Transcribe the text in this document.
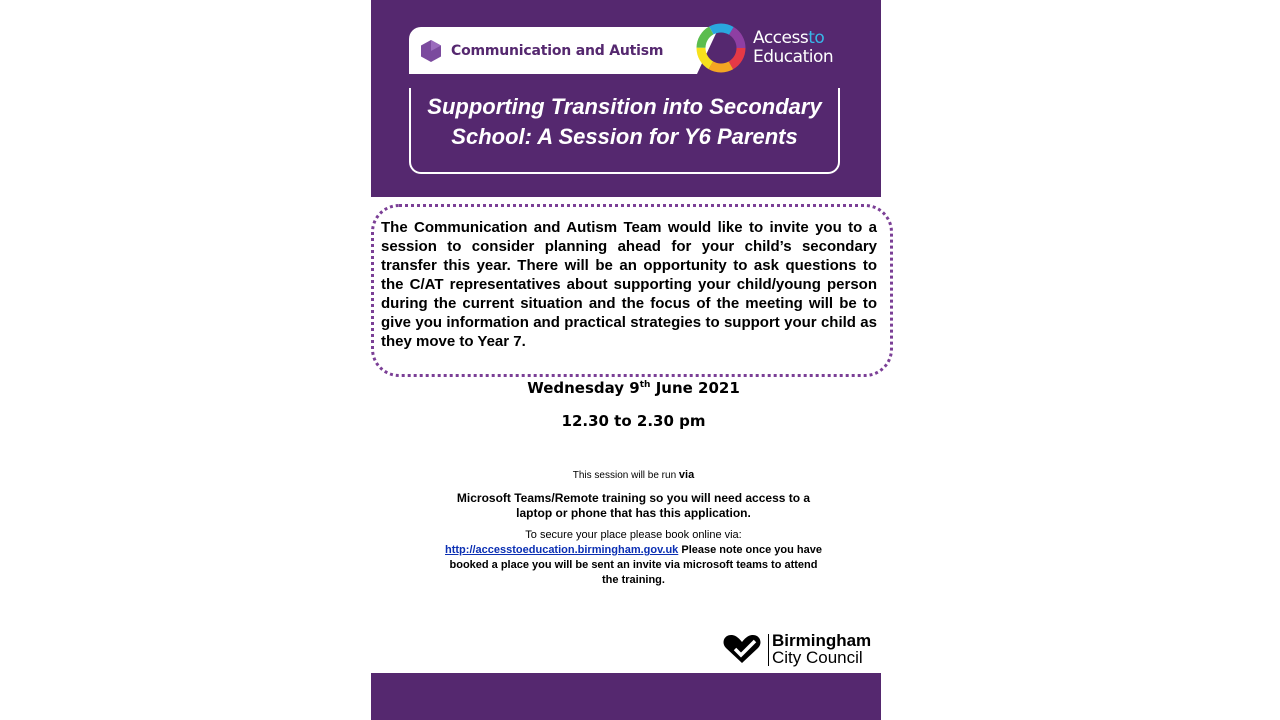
Communication and Autism
Accessto
Education
Supporting Transition into Secondary School: A Session for Y6 Parents
The Communication and Autism Team would like to invite you to a session to consider planning ahead for your child’s secondary transfer this year. There will be an opportunity to ask questions to the C/AT representatives about supporting your child/young person during the current situation and the focus of the meeting will be to give you information and practical strategies to support your child as they move to Year 7.
Wednesday 9th June 2021
12.30 to 2.30 pm
This session will be run via
Microsoft Teams/Remote training so you will need access to a laptop or phone that has this application.
To secure your place please book online via:
http://accesstoeducation.birmingham.gov.uk Please note once you have booked a place you will be sent an invite via microsoft teams to attend the training.
Birmingham
City Council
